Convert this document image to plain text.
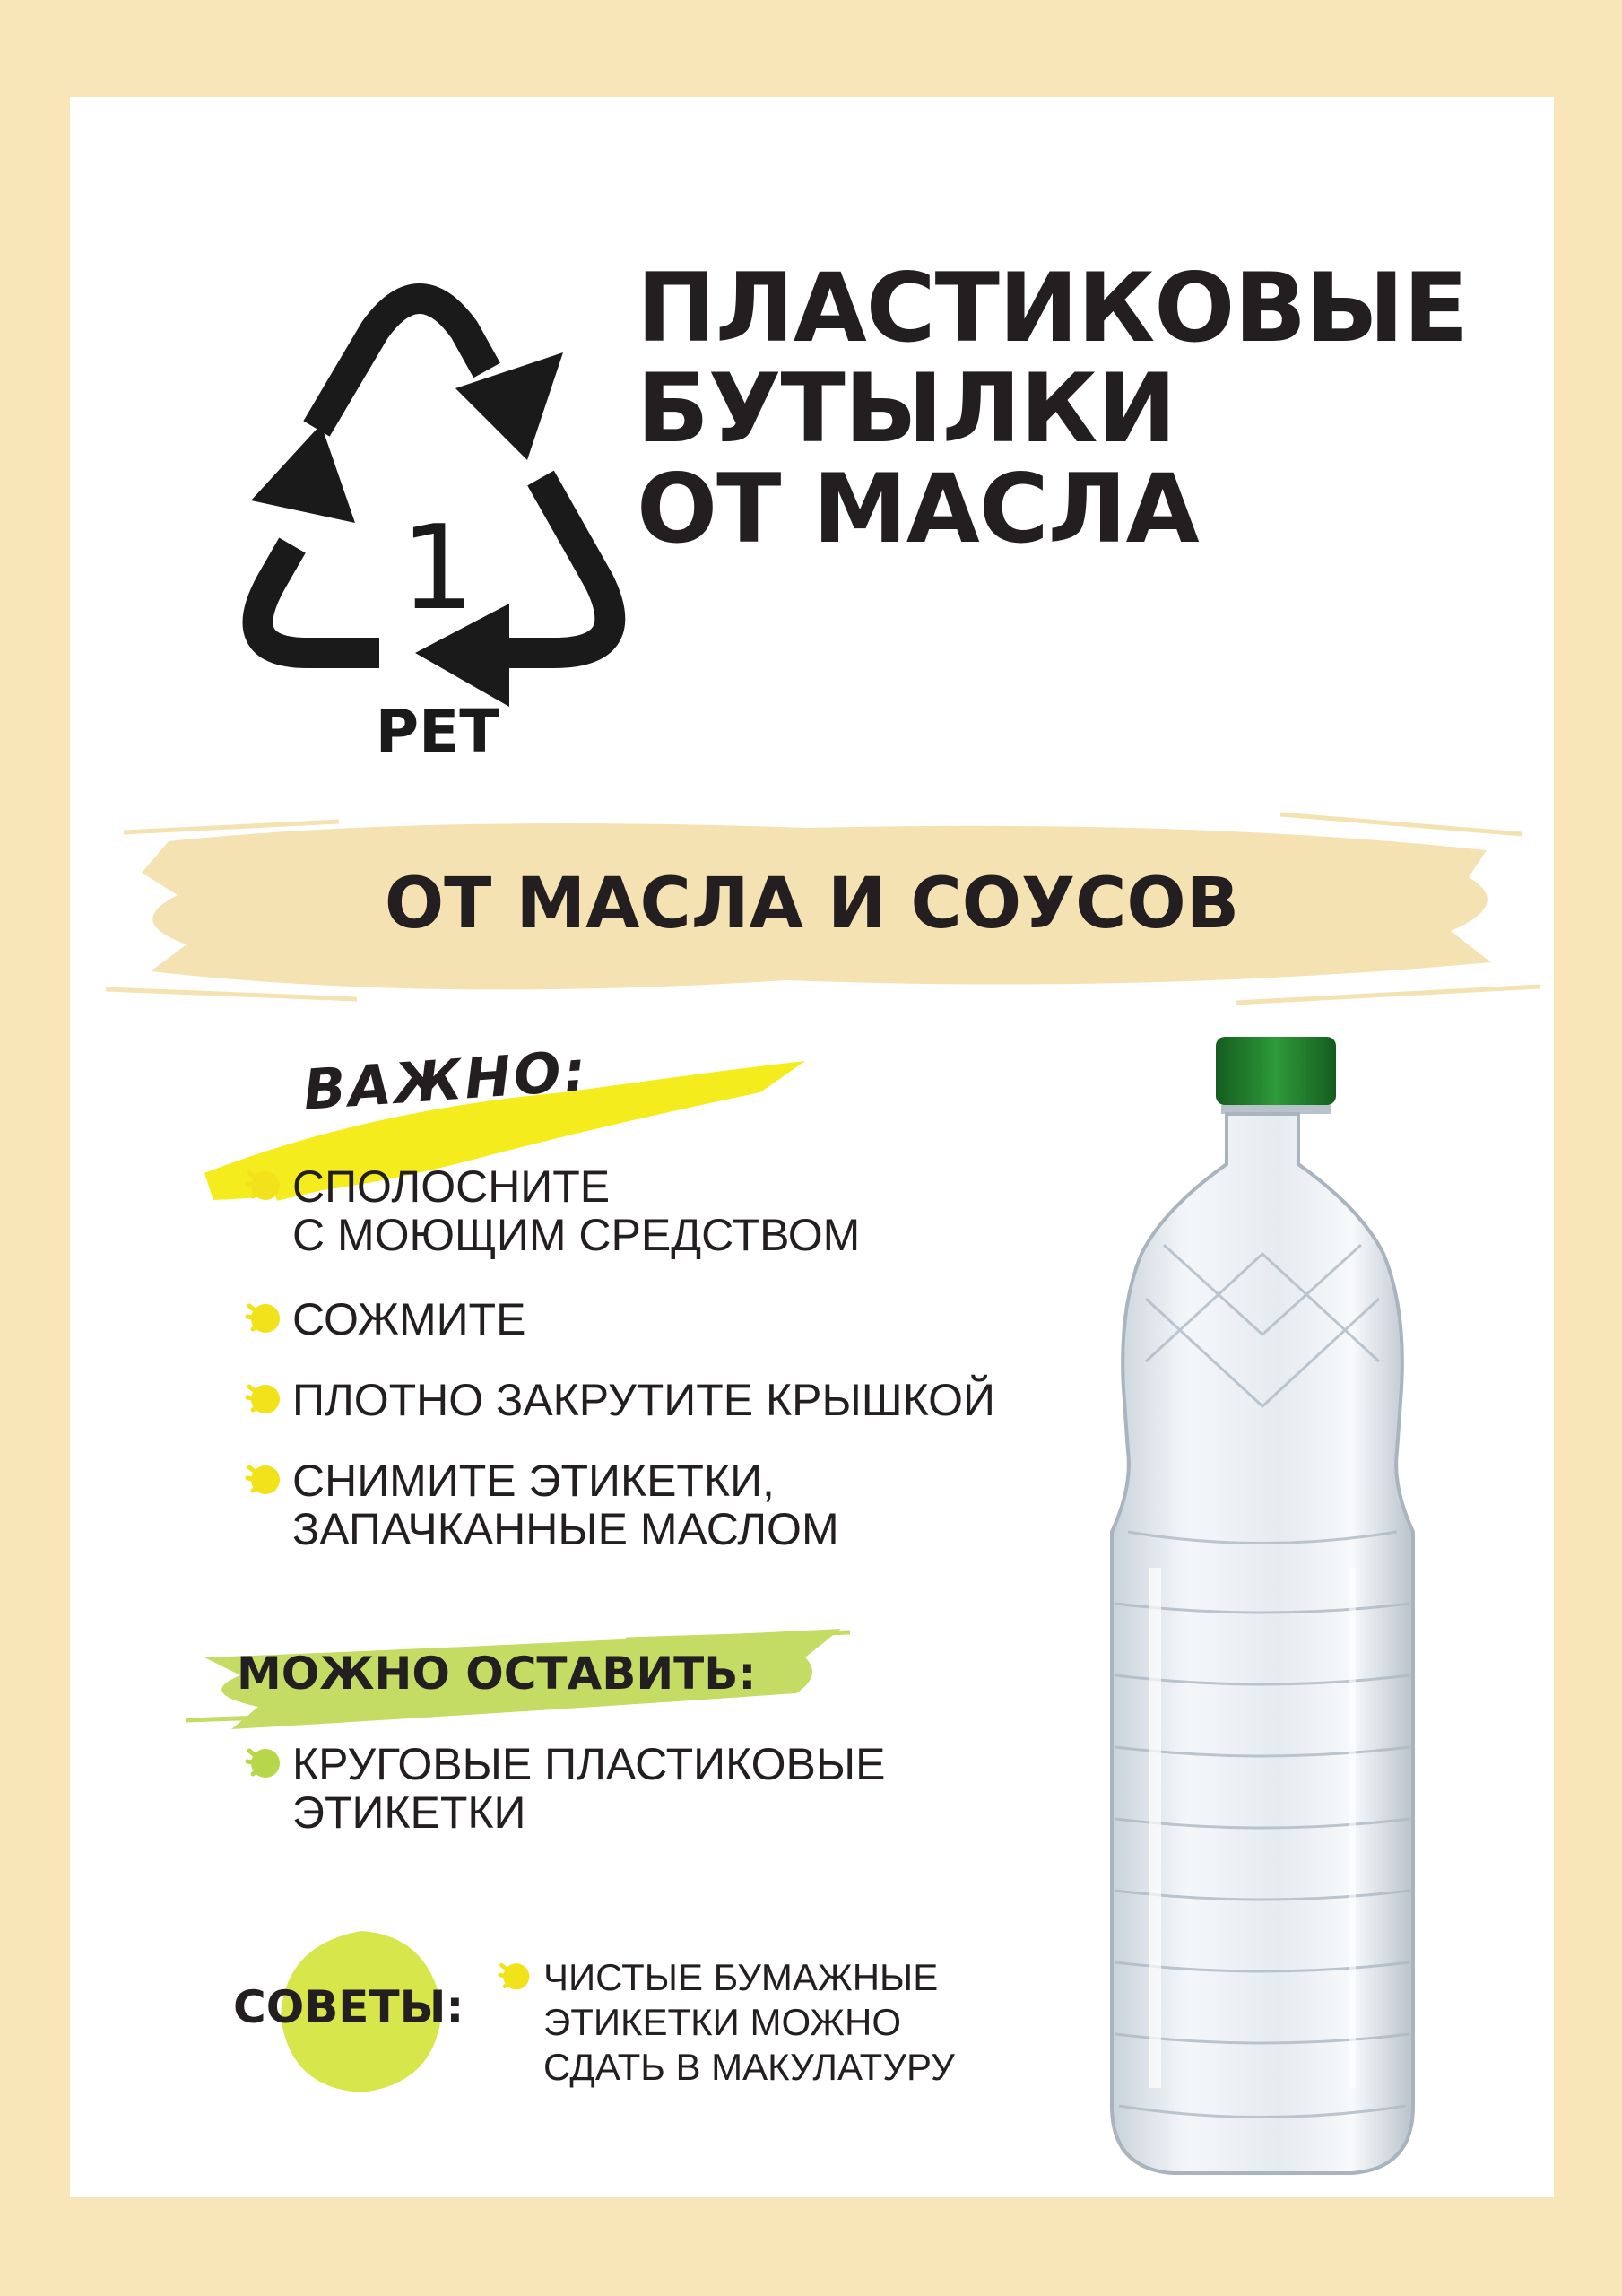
1
PET
ПЛАСТИКОВЫЕ
БУТЫЛКИ
ОТ МАСЛА
ОТ МАСЛА И СОУСОВ
ВАЖНО:
СПОЛОСНИТЕ
С МОЮЩИМ СРЕДСТВОМ
СОЖМИТЕ
ПЛОТНО ЗАКРУТИТЕ КРЫШКОЙ
СНИМИТЕ ЭТИКЕТКИ,
ЗАПАЧКАННЫЕ МАСЛОМ
МОЖНО ОСТАВИТЬ:
КРУГОВЫЕ ПЛАСТИКОВЫЕ
ЭТИКЕТКИ
СОВЕТЫ:
ЧИСТЫЕ БУМАЖНЫЕ
ЭТИКЕТКИ МОЖНО
СДАТЬ В МАКУЛАТУРУ
